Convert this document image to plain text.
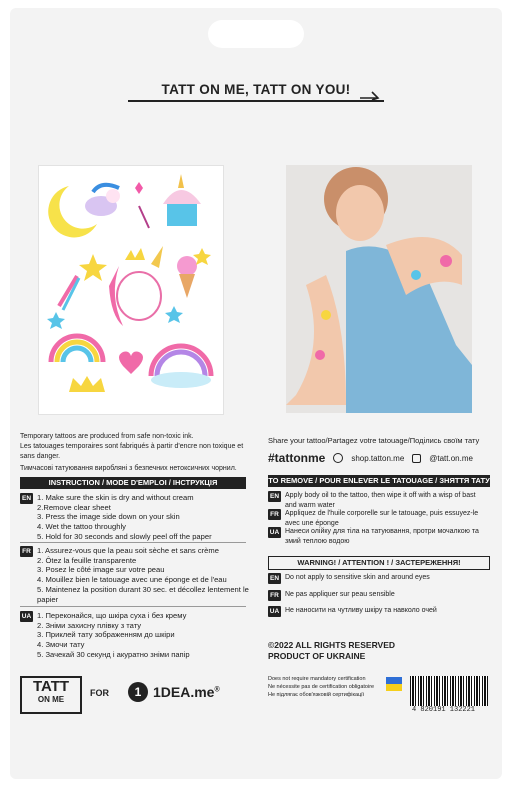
TATT ON ME, TATT ON YOU!
Temporary tattoos are produced from safe non-toxic ink.
Les tatouages temporaires sont fabriqués à partir d'encre non toxique et sans danger.
Тимчасові татуювання виробляні з безпечних нетоксичних чорнил.
INSTRUCTION / MODE D'EMPLOI / ІНСТРУКЦІЯ
EN 1. Make sure the skin is dry and without cream
2.Remove clear sheet
3. Press the image side down on your skin
4. Wet the tattoo throughly
5. Hold for 30 seconds and slowly peel off the paper
FR 1. Assurez-vous que la peau soit sèche et sans crème
2. Ôtez la feuille transparente
3. Posez le côté image sur votre peau
4. Mouillez bien le tatouage avec une éponge et de l'eau
5. Maintenez la position durant 30 sec. et décollez lentement le papier
UA 1. Переконайся, що шкіра суха і без крему
2. Зніми захисну плівку з тату
3. Приклей тату зображенням до шкіри
4. Змочи тату
5. Зачекай 30 секунд і акуратно зніми папір
TATT
ON ME
FOR	1 1DEA.me®
Share your tattoo/Partagez votre tatouage/Поділись своїм тату
#tattonme	shop.tatton.me	@tatt.on.me
TO REMOVE / POUR ENLEVER LE TATOUAGE / ЗНЯТТЯ ТАТУ
EN Apply body oil to the tattoo, then wipe it off with a wisp of bast and warm water
FR Appliquez de l'huile corporelle sur le tatouage, puis essuyez-le avec une éponge
UA Нанеси олійку для тіла на татуювання, протри мочалкою та змий теплою водою
WARNING! / ATTENTION ! / ЗАСТЕРЕЖЕННЯ!
EN Do not apply to sensitive skin and around eyes
FR Ne pas appliquer sur peau sensible
UA Не наносити на чутливу шкіру та навколо очей
©2022 ALL RIGHTS RESERVED
PRODUCT OF UKRAINE
Does not require mandatory certification
Ne nécessite pas de certification obligatoire
Не підлягає обов'язковій сертифікації
4 820191 132221
